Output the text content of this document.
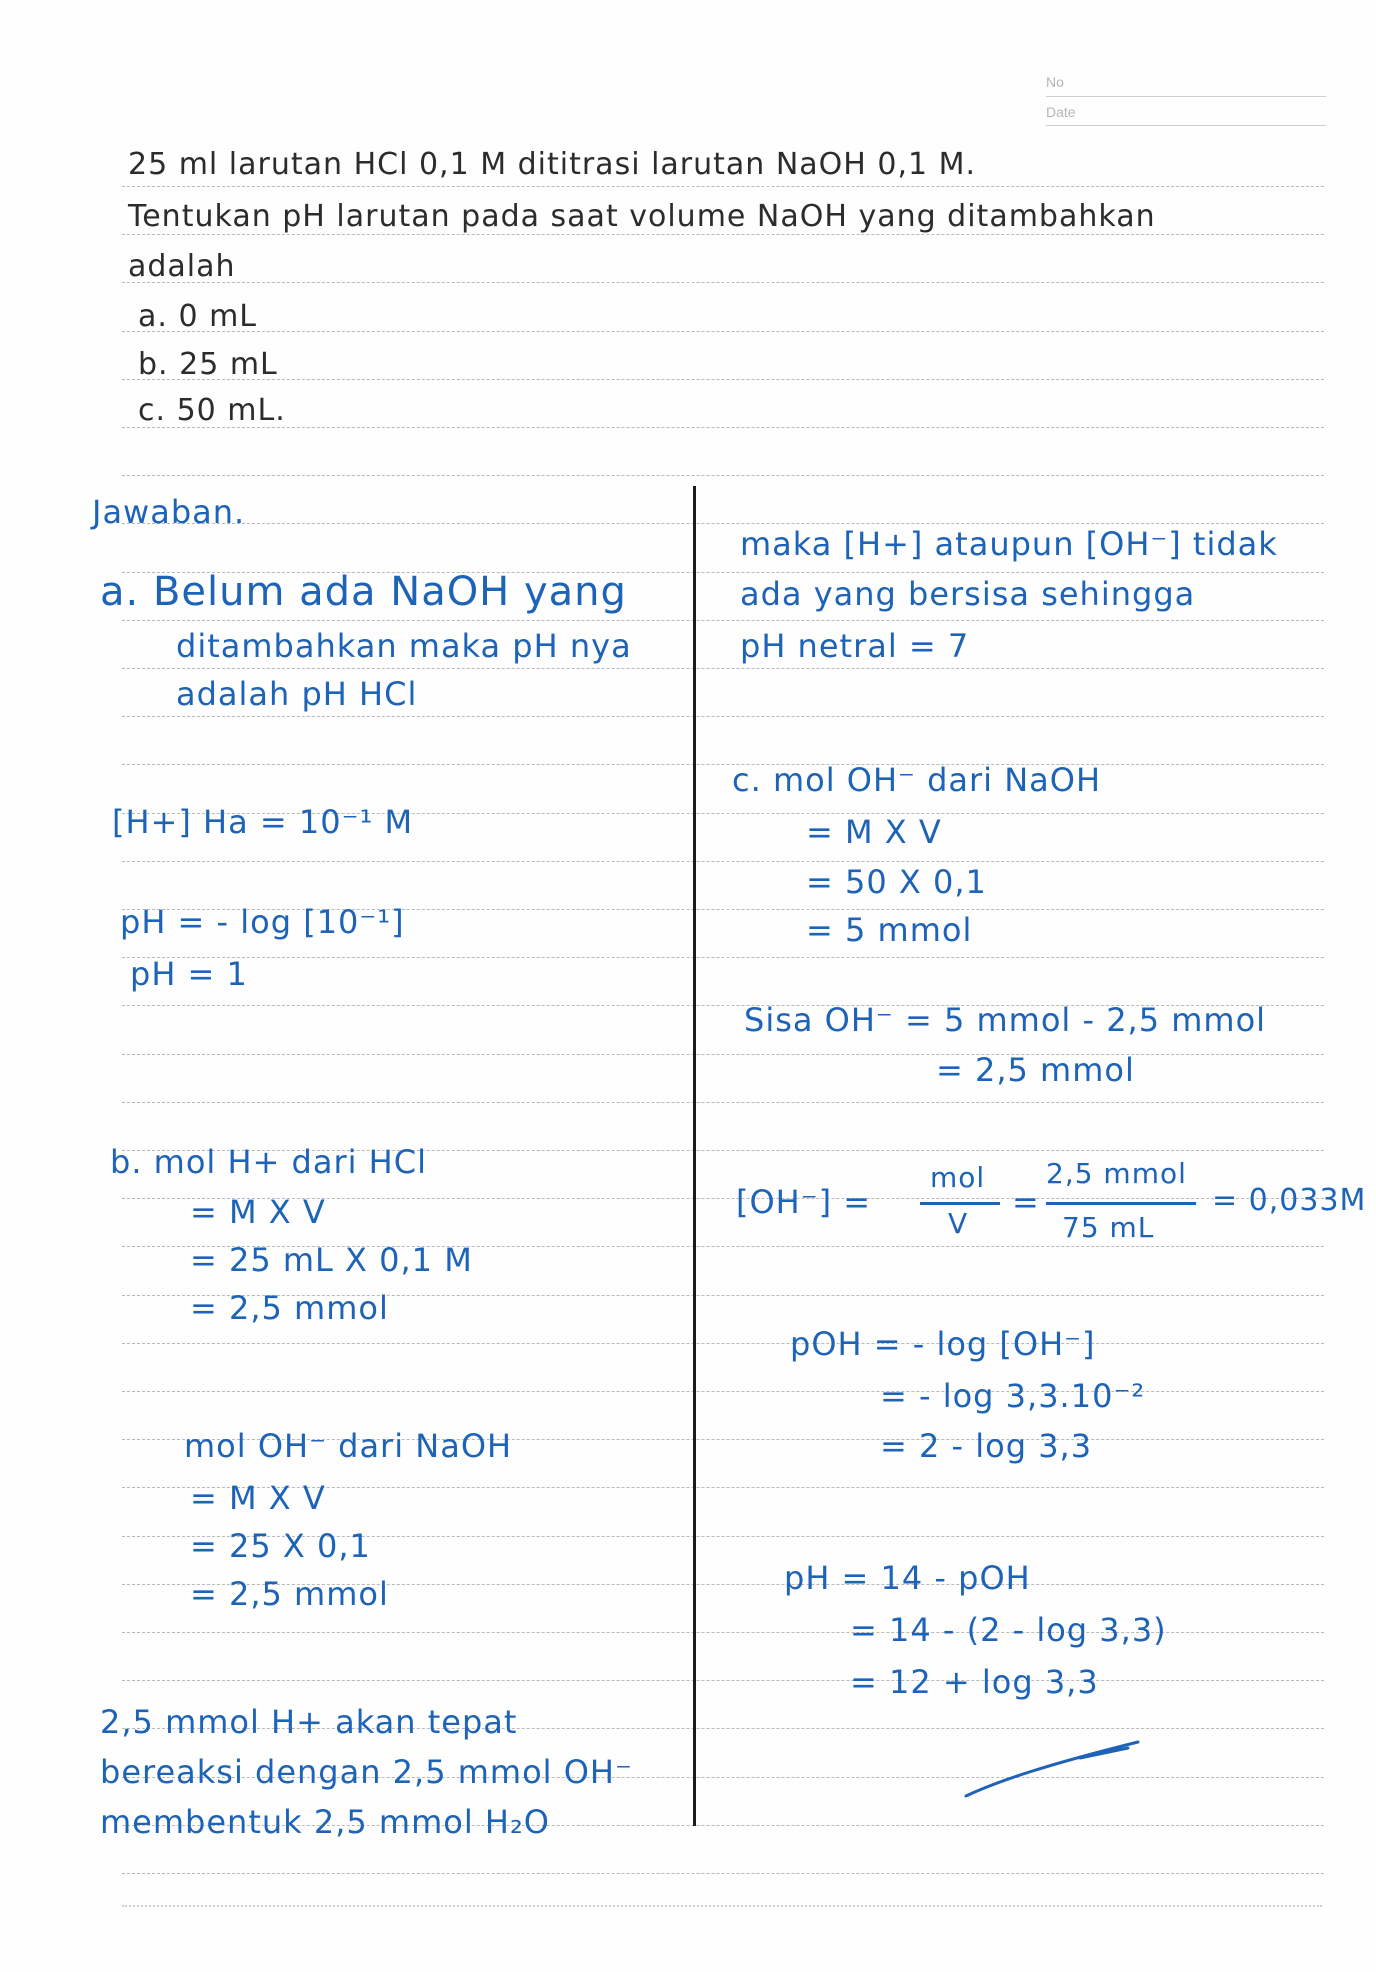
No
Date
25 ml larutan HCl 0,1 M dititrasi larutan NaOH 0,1 M.
Tentukan pH larutan pada saat volume NaOH yang ditambahkan
adalah
a. 0 mL
b. 25 mL
c. 50 mL.
Jawaban.
a. Belum ada NaOH yang
ditambahkan maka pH nya
adalah pH HCl
[H+] Ha = 10⁻¹ M
pH = - log [10⁻¹]
pH = 1
b. mol H+ dari HCl
= M X V
= 25 mL X 0,1 M
= 2,5 mmol
mol OH⁻ dari NaOH
= M X V
= 25 X 0,1
= 2,5 mmol
2,5 mmol H+ akan tepat
bereaksi dengan 2,5 mmol OH⁻
membentuk 2,5 mmol H₂O
maka [H+] ataupun [OH⁻] tidak
ada yang bersisa sehingga
pH netral = 7
c. mol OH⁻ dari NaOH
= M X V
= 50 X 0,1
= 5 mmol
Sisa OH⁻ = 5 mmol - 2,5 mmol
= 2,5 mmol
[OH⁻] =
mol
V
=
2,5 mmol
75 mL
= 0,033M
pOH = - log [OH⁻]
= - log 3,3.10⁻²
= 2 - log 3,3
pH = 14 - pOH
= 14 - (2 - log 3,3)
= 12 + log 3,3
